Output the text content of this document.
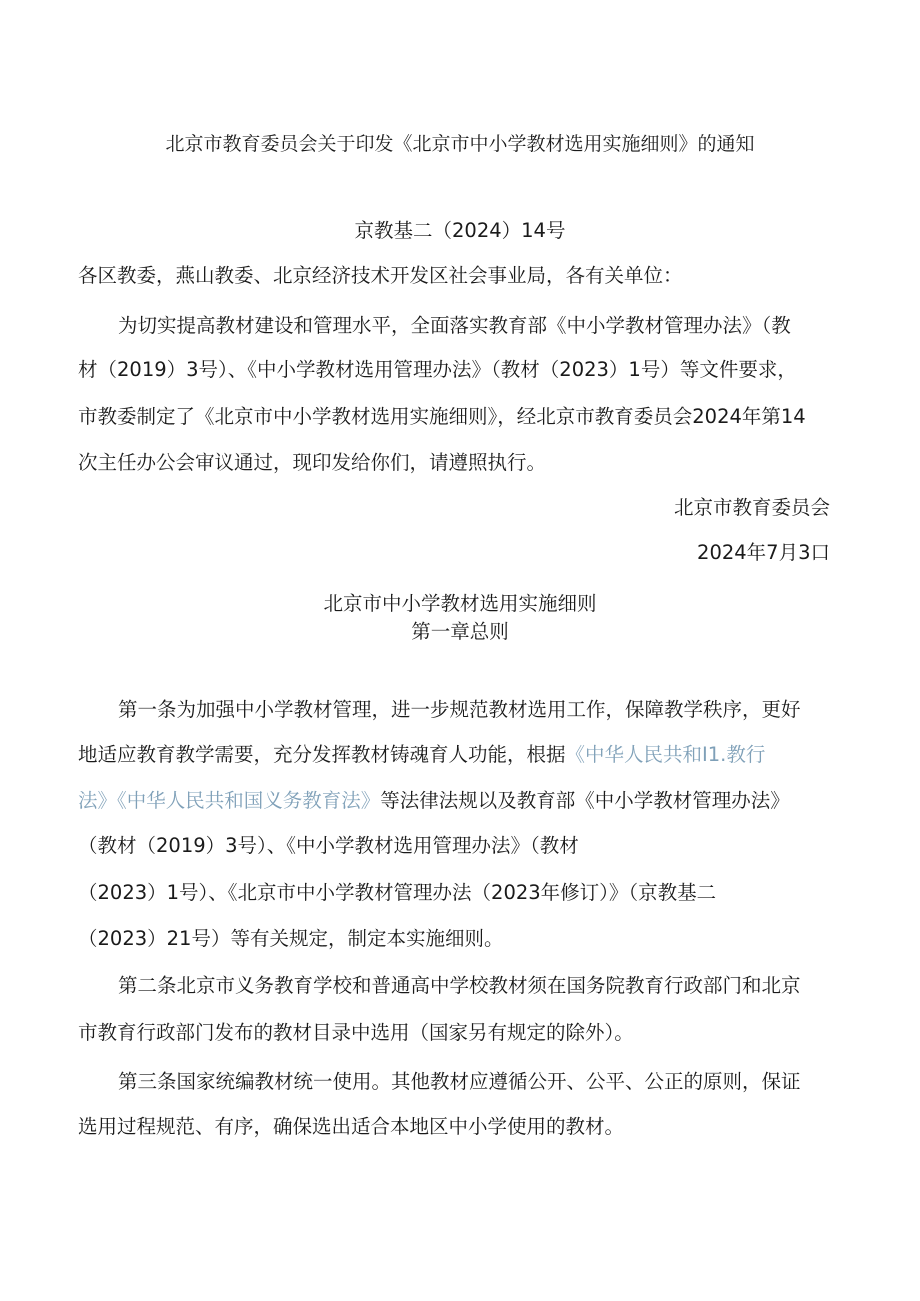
北京市教育委员会关于印发《北京市中小学教材选用实施细则》的通知
京教基二（2024）14号
各区教委，燕山教委、北京经济技术开发区社会事业局，各有关单位：
为切实提高教材建设和管理水平，全面落实教育部《中小学教材管理办法》（教
材（2019）3号）、《中小学教材选用管理办法》（教材（2023）1号）等文件要求，
市教委制定了《北京市中小学教材选用实施细则》，经北京市教育委员会2024年第14
次主任办公会审议通过，现印发给你们，请遵照执行。
北京市教育委员会
2024年7月3口
北京市中小学教材选用实施细则
第一章总则
第一条为加强中小学教材管理，进一步规范教材选用工作，保障教学秩序，更好
地适应教育教学需要，充分发挥教材铸魂育人功能，根据《中华人民共和I1.教行
法》《中华人民共和国义务教育法》等法律法规以及教育部《中小学教材管理办法》
（教材（2019）3号）、《中小学教材选用管理办法》（教材
（2023）1号）、《北京市中小学教材管理办法（2023年修订）》（京教基二
（2023）21号）等有关规定，制定本实施细则。
第二条北京市义务教育学校和普通高中学校教材须在国务院教育行政部门和北京
市教育行政部门发布的教材目录中选用（国家另有规定的除外）。
第三条国家统编教材统一使用。其他教材应遵循公开、公平、公正的原则，保证
选用过程规范、有序，确保选出适合本地区中小学使用的教材。
